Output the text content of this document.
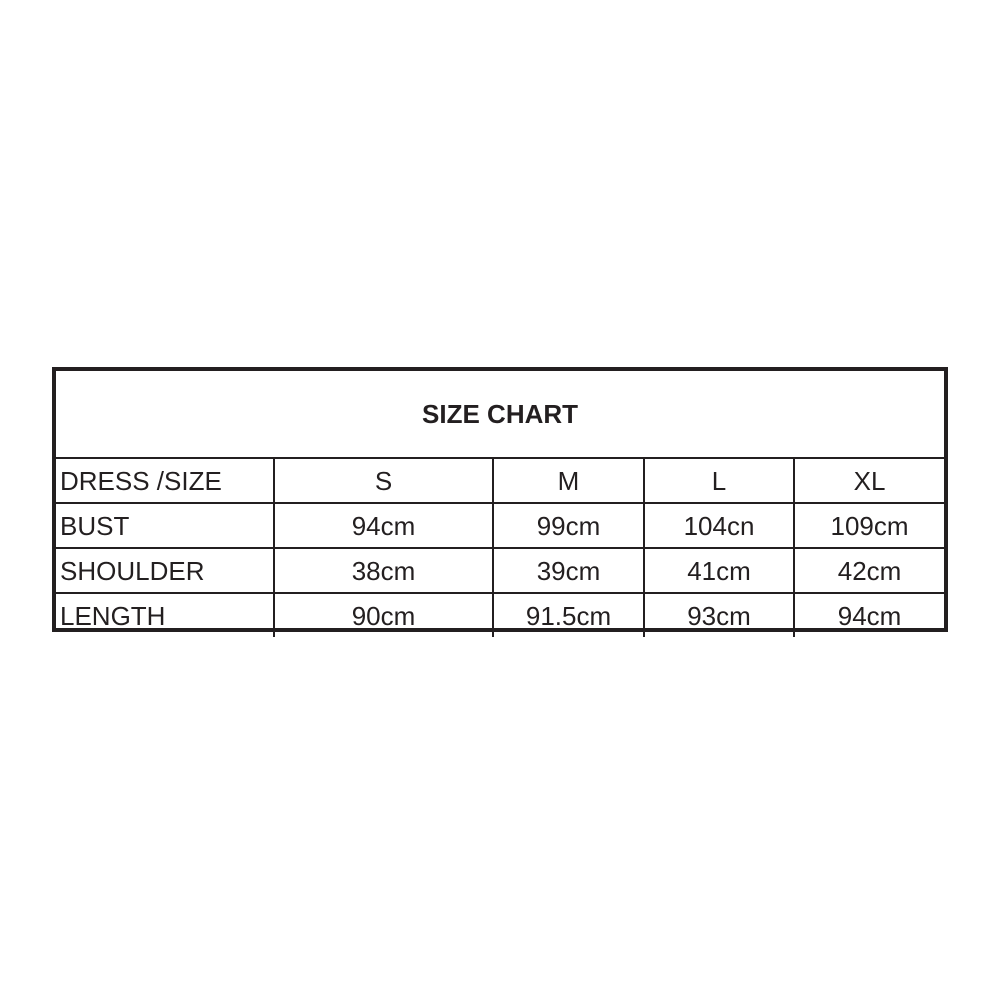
SIZE CHART				
DRESS /SIZE	S	M	L	XL
BUST	94cm	99cm	104cn	109cm
SHOULDER	38cm	39cm	41cm	42cm
LENGTH	90cm	91.5cm	93cm	94cm
